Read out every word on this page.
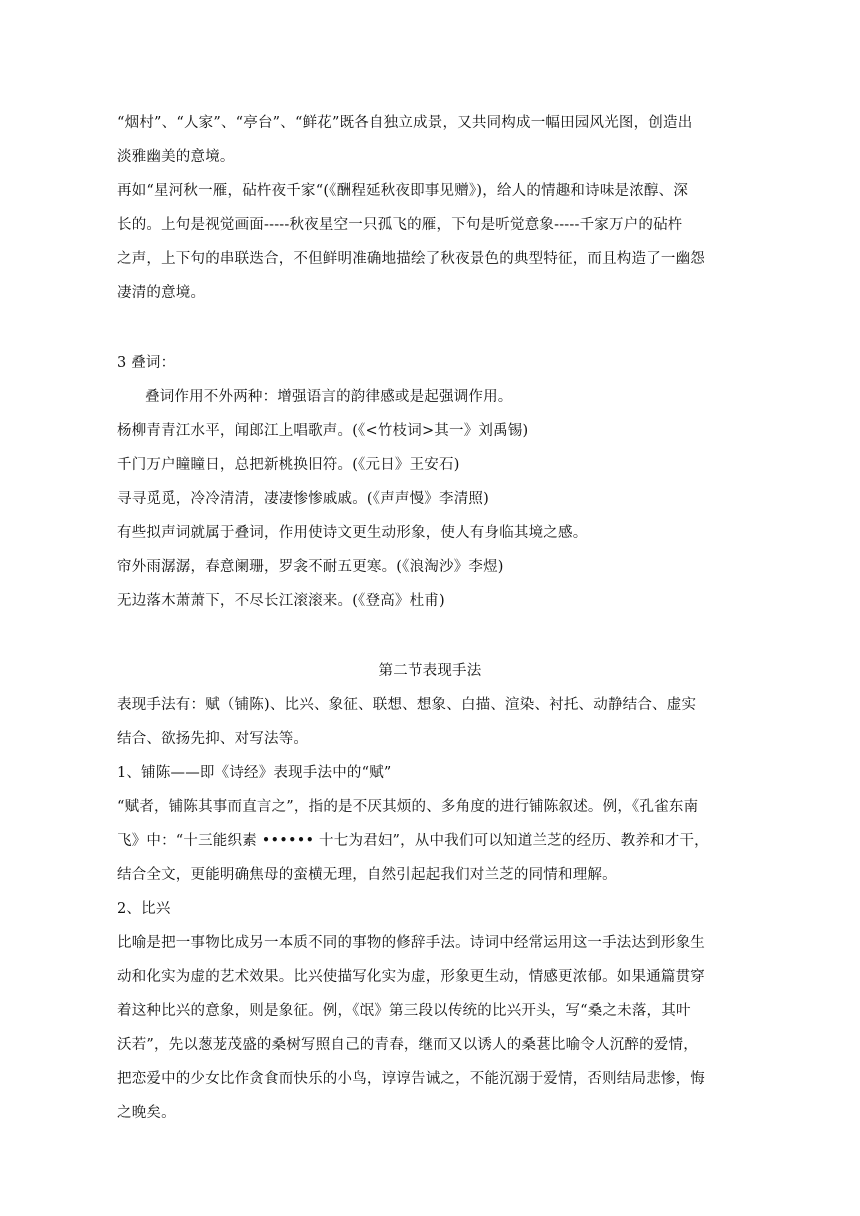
“烟村”、“人家”、“亭台”、“鲜花”既各自独立成景，又共同构成一幅田园风光图，创造出
淡雅幽美的意境。
再如“星河秋一雁，砧杵夜千家“(《酬程延秋夜即事见赠》)，给人的情趣和诗味是浓醇、深
长的。上句是视觉画面-----秋夜星空一只孤飞的雁，下句是听觉意象-----千家万户的砧杵
之声，上下句的串联迭合，不但鲜明准确地描绘了秋夜景色的典型特征，而且构造了一幽怨
凄清的意境。
3 叠词：
叠词作用不外两种：增强语言的韵律感或是起强调作用。
杨柳青青江水平，闻郎江上唱歌声。(《<竹枝词>其一》刘禹锡)
千门万户瞳瞳日，总把新桃换旧符。(《元日》王安石)
寻寻觅觅，冷冷清清，凄凄惨惨戚戚。(《声声慢》李清照)
有些拟声词就属于叠词，作用使诗文更生动形象，使人有身临其境之感。
帘外雨潺潺，春意阑珊，罗衾不耐五更寒。(《浪淘沙》李煜)
无边落木萧萧下，不尽长江滚滚来。(《登高》杜甫)
第二节表现手法
表现手法有：赋（铺陈)、比兴、象征、联想、想象、白描、渲染、衬托、动静结合、虚实
结合、欲扬先抑、对写法等。
1、铺陈——即《诗经》表现手法中的“赋”
“赋者，铺陈其事而直言之”，指的是不厌其烦的、多角度的进行铺陈叙述。例，《孔雀东南
飞》中：“十三能织素 •••••• 十七为君妇”，从中我们可以知道兰芝的经历、教养和才干，
结合全文，更能明确焦母的蛮横无理，自然引起起我们对兰芝的同情和理解。
2、比兴
比喻是把一事物比成另一本质不同的事物的修辞手法。诗词中经常运用这一手法达到形象生
动和化实为虚的艺术效果。比兴使描写化实为虚，形象更生动，情感更浓郁。如果通篇贯穿
着这种比兴的意象，则是象征。例，《氓》第三段以传统的比兴开头，写“桑之未落，其叶
沃若”，先以葱茏茂盛的桑树写照自己的青春，继而又以诱人的桑葚比喻令人沉醉的爱情，
把恋爱中的少女比作贪食而快乐的小鸟，谆谆告诫之，不能沉溺于爱情，否则结局悲惨，悔
之晚矣。
